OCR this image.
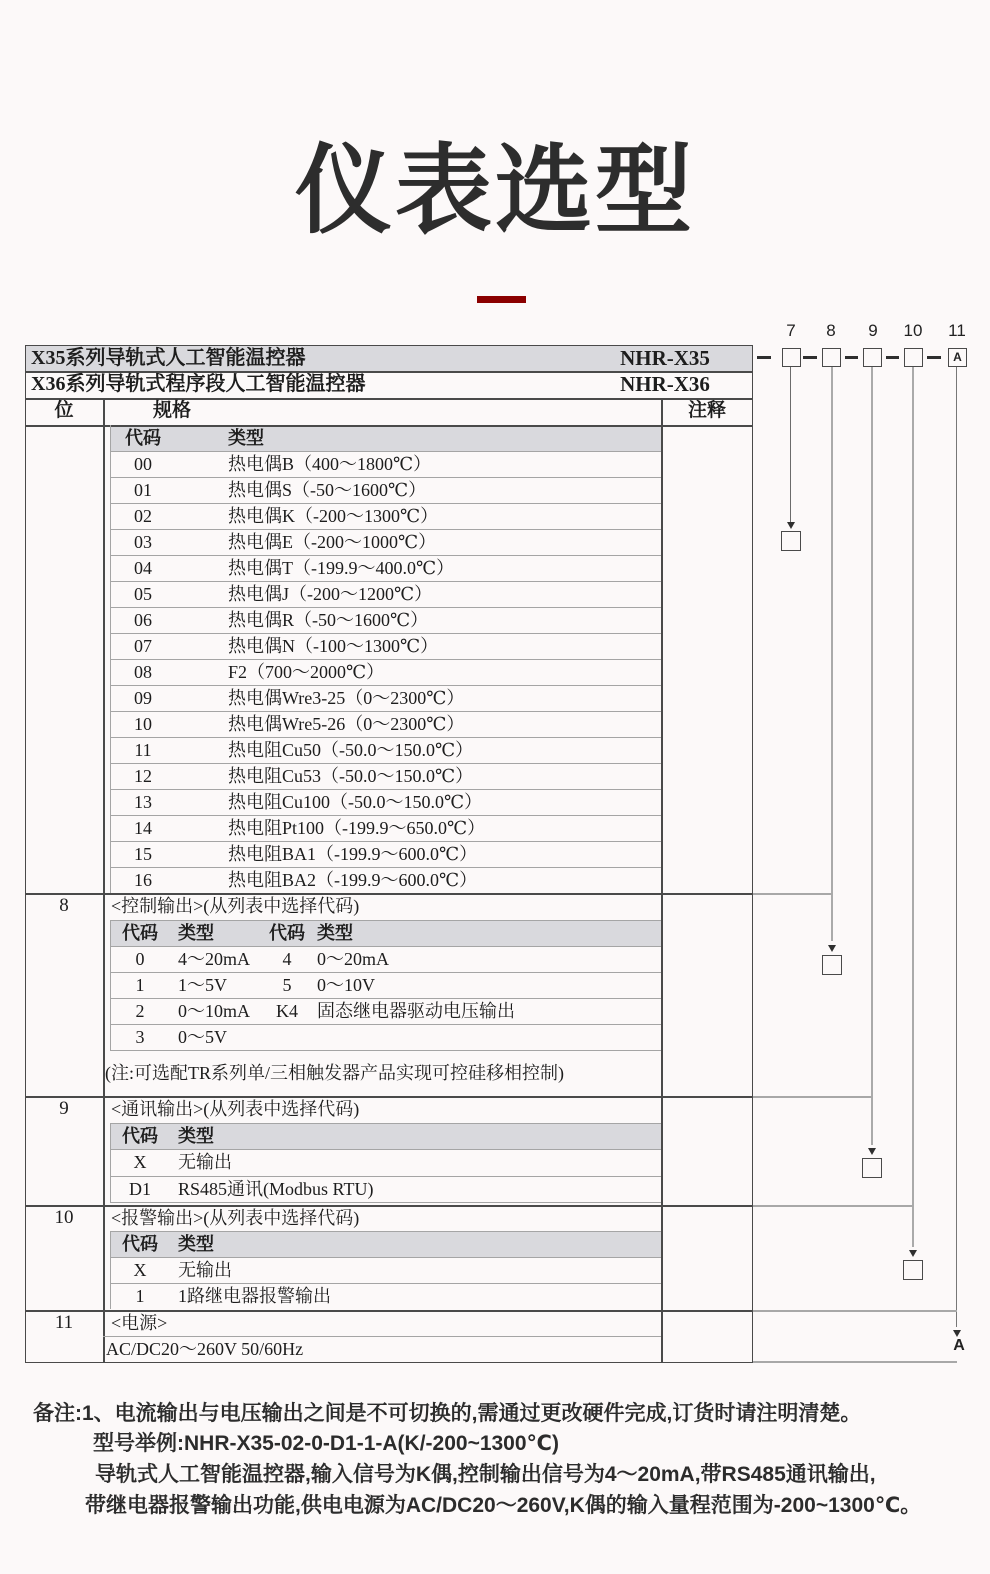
仪表选型
X35系列导轨式人工智能温控器	NHR-X35
X36系列导轨式程序段人工智能温控器	NHR-X36
位	规格	注释
代码	类型
00	热电偶B（400～1800℃）
01	热电偶S（-50～1600℃）
02	热电偶K（-200～1300℃）
03	热电偶E（-200～1000℃）
04	热电偶T（-199.9～400.0℃）
05	热电偶J（-200～1200℃）
06	热电偶R（-50～1600℃）
07	热电偶N（-100～1300℃）
08	F2（700～2000℃）
09	热电偶Wre3-25（0～2300℃）
10	热电偶Wre5-26（0～2300℃）
11	热电阻Cu50（-50.0～150.0℃）
12	热电阻Cu53（-50.0～150.0℃）
13	热电阻Cu100（-50.0～150.0℃）
14	热电阻Pt100（-199.9～650.0℃）
15	热电阻BA1（-199.9～600.0℃）
16	热电阻BA2（-199.9～600.0℃）
8	<控制输出>(从列表中选择代码)
代码	类型	代码 类型
0	4～20mA	4	0～20mA
1	1～5V	5	0～10V
2	0～10mA	K4	固态继电器驱动电压输出
3	0～5V
(注:可选配TR系列单/三相触发器产品实现可控硅移相控制)
9	<通讯输出>(从列表中选择代码)
代码	类型
X	无输出
D1	RS485通讯(Modbus RTU)
10	<报警输出>(从列表中选择代码)
代码	类型
X	无输出
1	1路继电器报警输出
11	<电源>
AC/DC20～260V 50/60Hz
7	8	9	10	11
A
A
备注:1、电流输出与电压输出之间是不可切换的,需通过更改硬件完成,订货时请注明清楚。
型号举例:NHR-X35-02-0-D1-1-A(K/-200~1300℃)
导轨式人工智能温控器,输入信号为K偶,控制输出信号为4～20mA,带RS485通讯输出,
带继电器报警输出功能,供电电源为AC/DC20～260V,K偶的输入量程范围为-200~1300℃。
